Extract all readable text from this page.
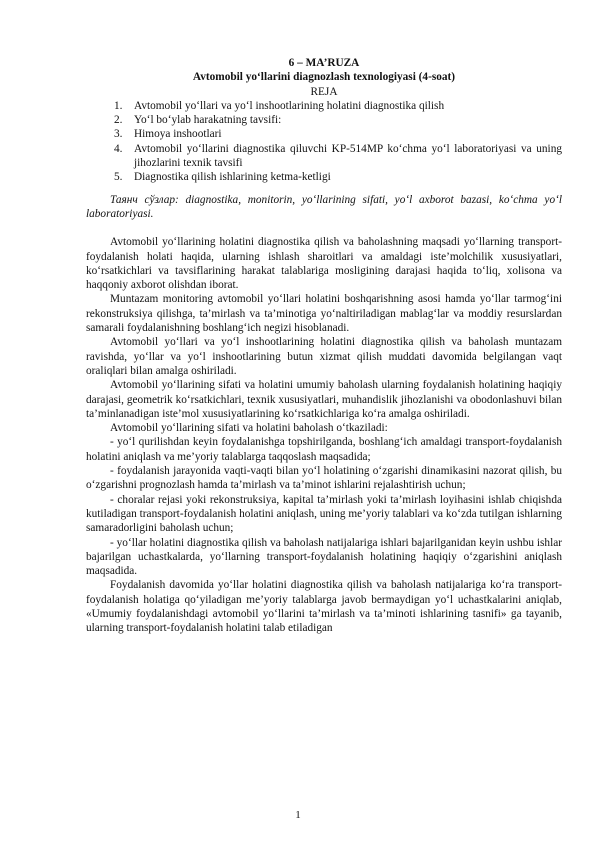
6 – MA’RUZA
Avtomobil yo‘llarini diagnozlash texnologiyasi (4-soat)
REJA
1. Avtomobil yo‘llari va yo‘l inshootlarining holatini diagnostika qilish
2. Yo‘l bo‘ylab harakatning tavsifi:
3. Himoya inshootlari
4. Avtomobil yo‘llarini diagnostika qiluvchi KP-514MP ko‘chma yo‘l laboratoriyasi va uning jihozlarini texnik tavsifi
5. Diagnostika qilish ishlarining ketma-ketligi
Таянч сўзлар: diagnostika, monitorin, yo‘llarining sifati, yo‘l axborot bazasi, ko‘chma yo‘l laboratoriyasi.

Avtomobil yo‘llarining holatini diagnostika qilish va baholashning maqsadi yo‘llarning transport-foydalanish holati haqida, ularning ishlash sharoitlari va amaldagi iste’molchilik xususiyatlari, ko‘rsatkichlari va tavsiflarining harakat talablariga mosligining darajasi haqida to‘liq, xolisona va haqqoniy axborot olishdan iborat.

Muntazam monitoring avtomobil yo‘llari holatini boshqarishning asosi hamda yo‘llar tarmog‘ini rekonstruksiya qilishga, ta’mirlash va ta’minotiga yo‘naltiriladigan mablag‘lar va moddiy resurslardan samarali foydalanishning boshlang‘ich negizi hisoblanadi.

Avtomobil yo‘llari va yo‘l inshootlarining holatini diagnostika qilish va baholash muntazam ravishda, yo‘llar va yo‘l inshootlarining butun xizmat qilish muddati davomida belgilangan vaqt oraliqlari bilan amalga oshiriladi.

Avtomobil yo‘llarining sifati va holatini umumiy baholash ularning foydalanish holatining haqiqiy darajasi, geometrik ko‘rsatkichlari, texnik xususiyatlari, muhandislik jihozlanishi va obodonlashuvi bilan ta’minlanadigan iste’mol xususiyatlarining ko‘rsatkichlariga ko‘ra amalga oshiriladi.

Avtomobil yo‘llarining sifati va holatini baholash o‘tkaziladi:

- yo‘l qurilishdan keyin foydalanishga topshirilganda, boshlang‘ich amaldagi transport-foydalanish holatini aniqlash va me’yoriy talablarga taqqoslash maqsadida;

- foydalanish jarayonida vaqti-vaqti bilan yo‘l holatining o‘zgarishi dinamikasini nazorat qilish, bu o‘zgarishni prognozlash hamda ta’mirlash va ta’minot ishlarini rejalashtirish uchun;

- choralar rejasi yoki rekonstruksiya, kapital ta’mirlash yoki ta’mirlash loyihasini ishlab chiqishda kutiladigan transport-foydalanish holatini aniqlash, uning me’yoriy talablari va ko‘zda tutilgan ishlarning samaradorligini baholash uchun;

- yo‘llar holatini diagnostika qilish va baholash natijalariga ishlari bajarilganidan keyin ushbu ishlar bajarilgan uchastkalarda, yo‘llarning transport-foydalanish holatining haqiqiy o‘zgarishini aniqlash maqsadida.

Foydalanish davomida yo‘llar holatini diagnostika qilish va baholash natijalariga ko‘ra transport-foydalanish holatiga qo‘yiladigan me’yoriy talablarga javob bermaydigan yo‘l uchastkalarini aniqlab, «Umumiy foydalanishdagi avtomobil yo‘llarini ta’mirlash va ta’minoti ishlarining tasnifi» ga tayanib, ularning transport-foydalanish holatini talab etiladigan

1
